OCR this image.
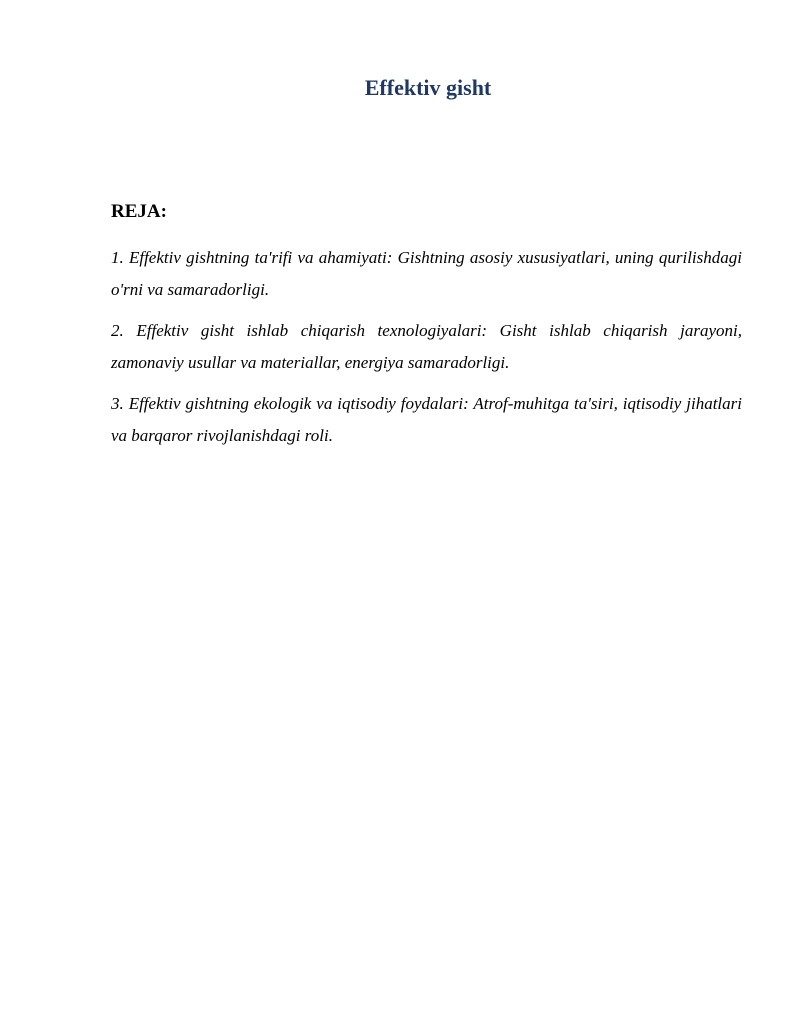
Effektiv gisht
REJA:
1. Effektiv gishtning ta'rifi va ahamiyati: Gishtning asosiy xususiyatlari, uning qurilishdagi o'rni va samaradorligi.
2. Effektiv gisht ishlab chiqarish texnologiyalari: Gisht ishlab chiqarish jarayoni, zamonaviy usullar va materiallar, energiya samaradorligi.
3. Effektiv gishtning ekologik va iqtisodiy foydalari: Atrof-muhitga ta'siri, iqtisodiy jihatlari va barqaror rivojlanishdagi roli.
